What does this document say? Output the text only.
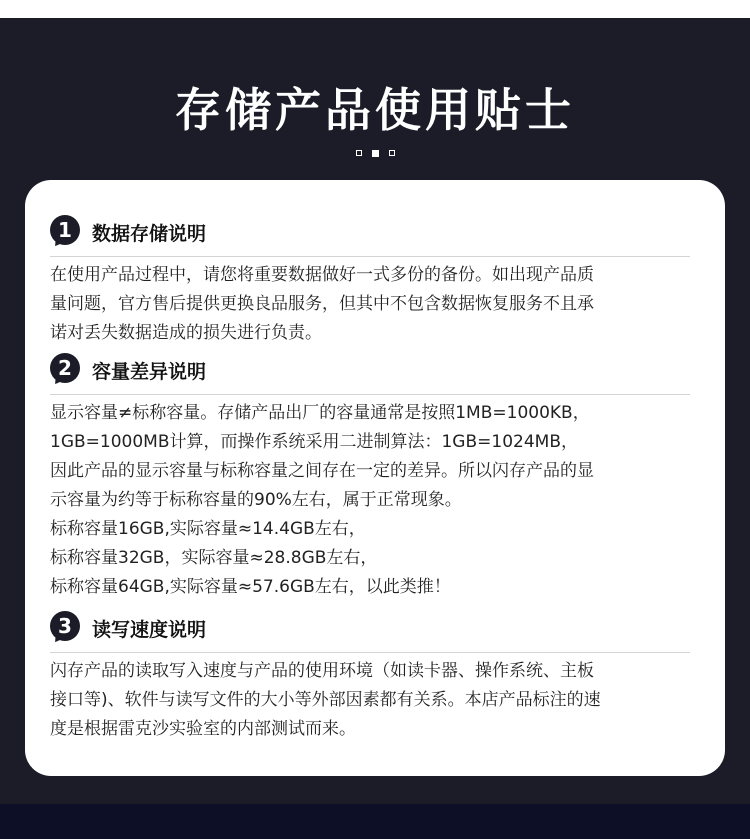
存储产品使用贴士
1	数据存储说明
在使用产品过程中，请您将重要数据做好一式多份的备份。如出现产品质
量问题，官方售后提供更换良品服务，但其中不包含数据恢复服务不且承
诺对丢失数据造成的损失进行负责。
2	容量差异说明
显示容量≠标称容量。存储产品出厂的容量通常是按照1MB=1000KB，
1GB=1000MB计算，而操作系统采用二进制算法：1GB=1024MB，
因此产品的显示容量与标称容量之间存在一定的差异。所以闪存产品的显
示容量为约等于标称容量的90%左右，属于正常现象。
标称容量16GB,实际容量≈14.4GB左右，
标称容量32GB，实际容量≈28.8GB左右，
标称容量64GB,实际容量≈57.6GB左右，以此类推！
3	读写速度说明
闪存产品的读取写入速度与产品的使用环境（如读卡器、操作系统、主板
接口等)、软件与读写文件的大小等外部因素都有关系。本店产品标注的速
度是根据雷克沙实验室的内部测试而来。
